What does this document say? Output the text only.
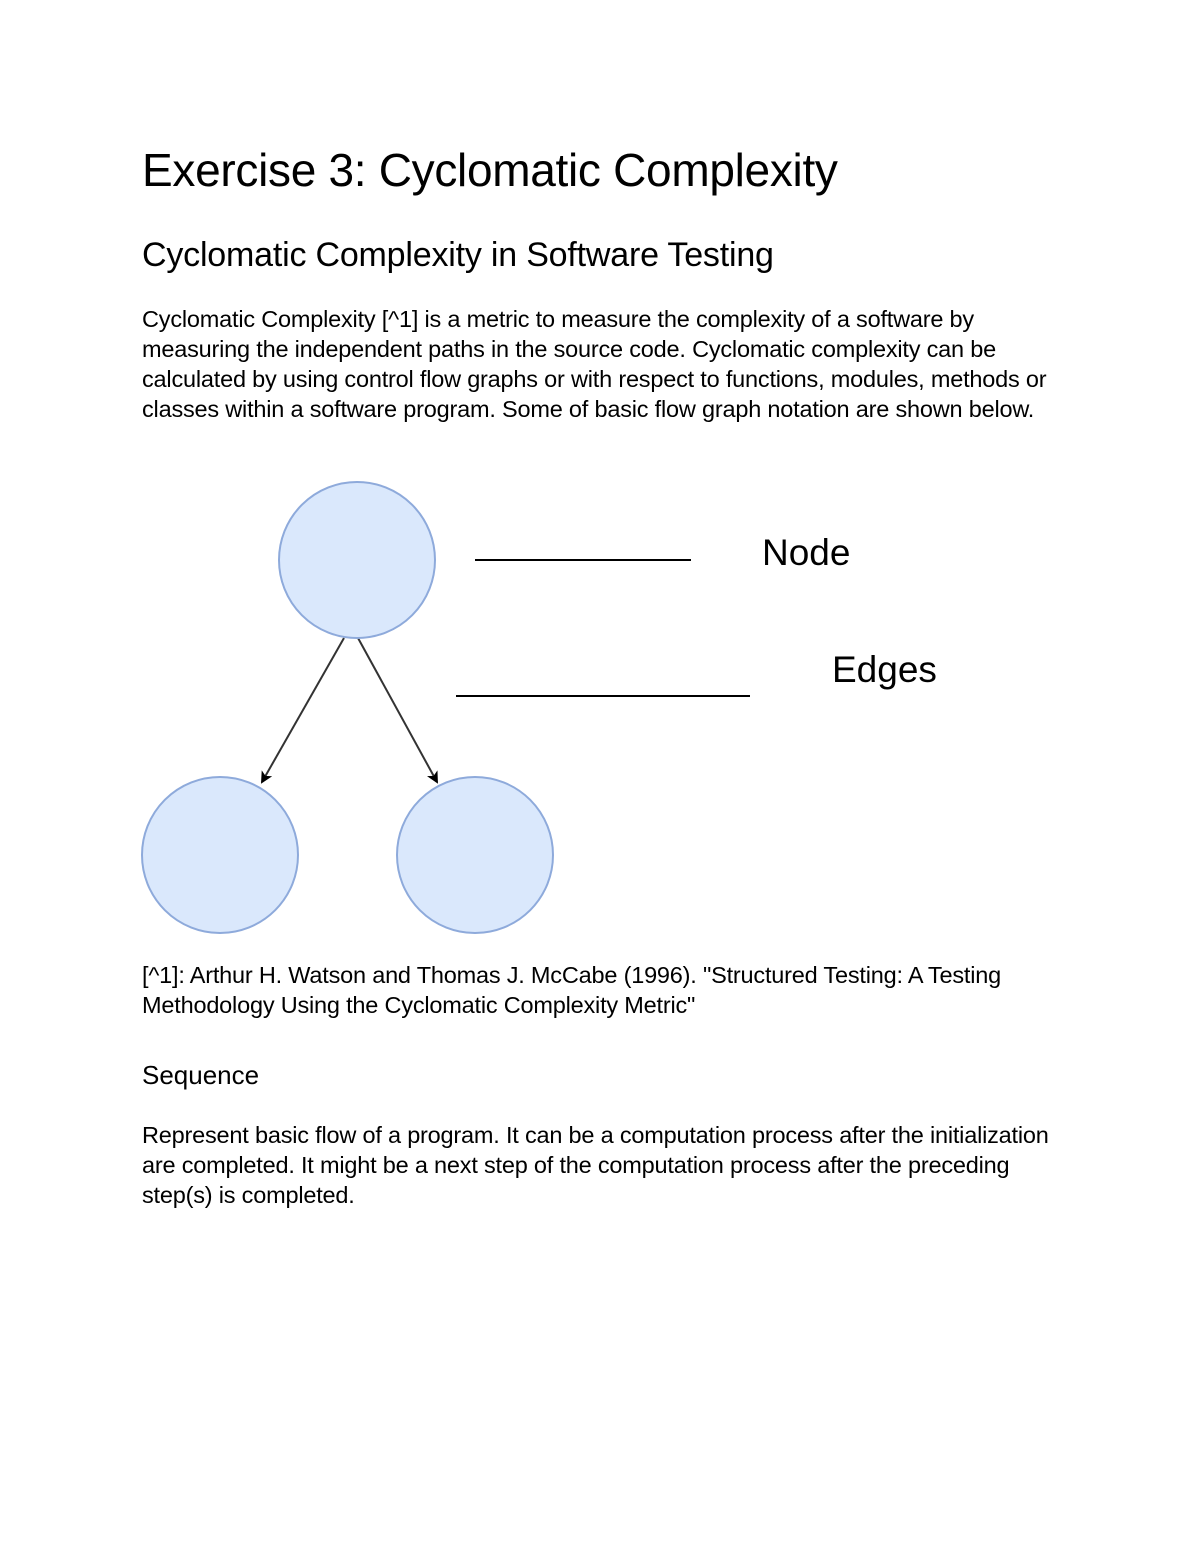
Exercise 3: Cyclomatic Complexity
Cyclomatic Complexity in Software Testing

Cyclomatic Complexity [^1] is a metric to measure the complexity of a software by measuring the independent paths in the source code. Cyclomatic complexity can be calculated by using control flow graphs or with respect to functions, modules, methods or classes within a software program. Some of basic flow graph notation are shown below.

Node
Edges

[^1]: Arthur H. Watson and Thomas J. McCabe (1996). "Structured Testing: A Testing Methodology Using the Cyclomatic Complexity Metric"

Sequence

Represent basic flow of a program. It can be a computation process after the initialization are completed. It might be a next step of the computation process after the preceding step(s) is completed.
